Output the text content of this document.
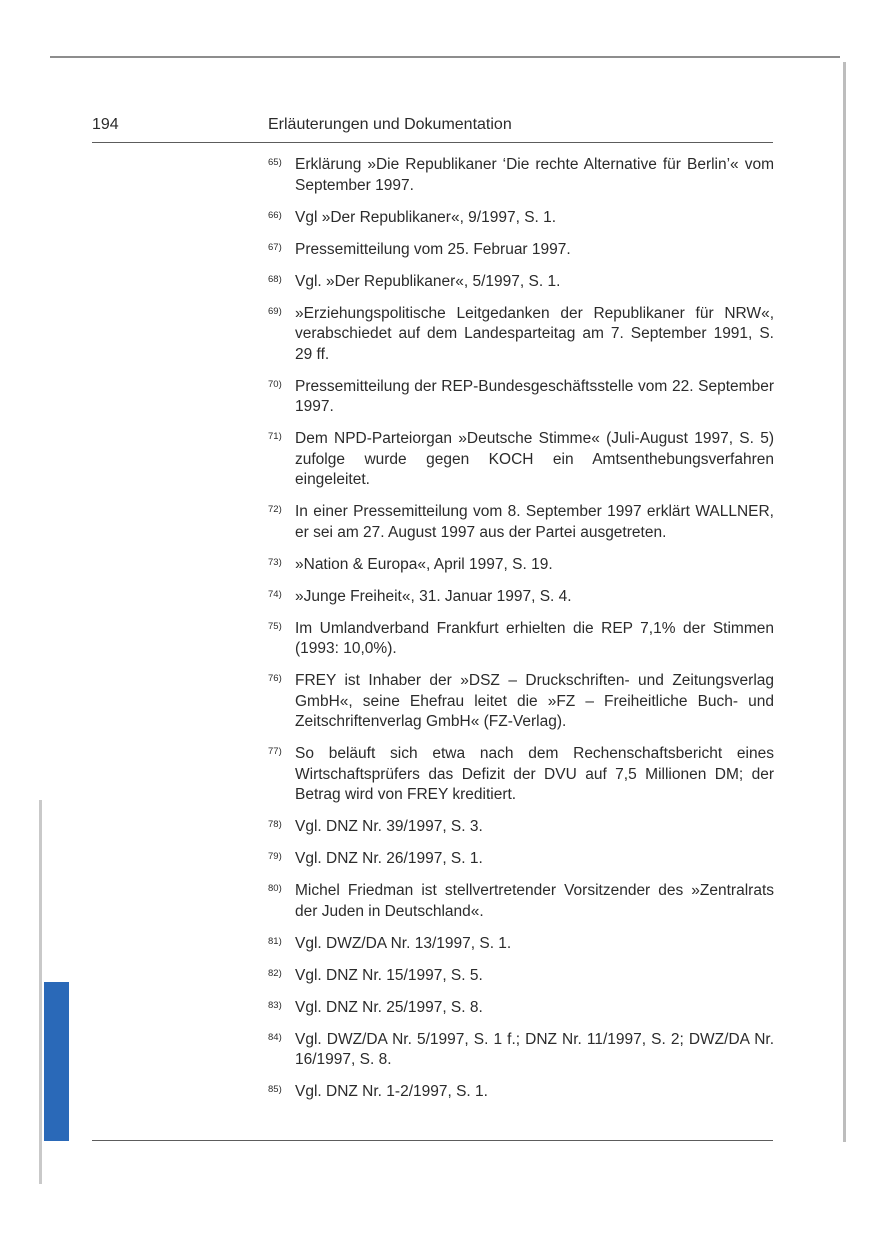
194	Erläuterungen und Dokumentation
65) Erklärung »Die Republikaner ‘Die rechte Alternative für Berlin’« vom September 1997.
66) Vgl »Der Republikaner«, 9/1997, S. 1.
67) Pressemitteilung vom 25. Februar 1997.
68) Vgl. »Der Republikaner«, 5/1997, S. 1.
69) »Erziehungspolitische Leitgedanken der Republikaner für NRW«, verabschiedet auf dem Landesparteitag am 7. September 1991, S. 29 ff.
70) Pressemitteilung der REP-Bundesgeschäftsstelle vom 22. September 1997.
71) Dem NPD-Parteiorgan »Deutsche Stimme« (Juli-August 1997, S. 5) zufolge wurde gegen KOCH ein Amtsenthebungsverfahren eingeleitet.
72) In einer Pressemitteilung vom 8. September 1997 erklärt WALLNER, er sei am 27. August 1997 aus der Partei ausgetreten.
73) »Nation & Europa«, April 1997, S. 19.
74) »Junge Freiheit«, 31. Januar 1997, S. 4.
75) Im Umlandverband Frankfurt erhielten die REP 7,1% der Stimmen (1993: 10,0%).
76) FREY ist Inhaber der »DSZ – Druckschriften- und Zeitungsverlag GmbH«, seine Ehefrau leitet die »FZ – Freiheitliche Buch- und Zeitschriftenverlag GmbH« (FZ-Verlag).
77) So beläuft sich etwa nach dem Rechenschaftsbericht eines Wirtschaftsprüfers das Defizit der DVU auf 7,5 Millionen DM; der Betrag wird von FREY kreditiert.
78) Vgl. DNZ Nr. 39/1997, S. 3.
79) Vgl. DNZ Nr. 26/1997, S. 1.
80) Michel Friedman ist stellvertretender Vorsitzender des »Zentralrats der Juden in Deutschland«.
81) Vgl. DWZ/DA Nr. 13/1997, S. 1.
82) Vgl. DNZ Nr. 15/1997, S. 5.
83) Vgl. DNZ Nr. 25/1997, S. 8.
84) Vgl. DWZ/DA Nr. 5/1997, S. 1 f.; DNZ Nr. 11/1997, S. 2; DWZ/DA Nr. 16/1997, S. 8.
85) Vgl. DNZ Nr. 1-2/1997, S. 1.
